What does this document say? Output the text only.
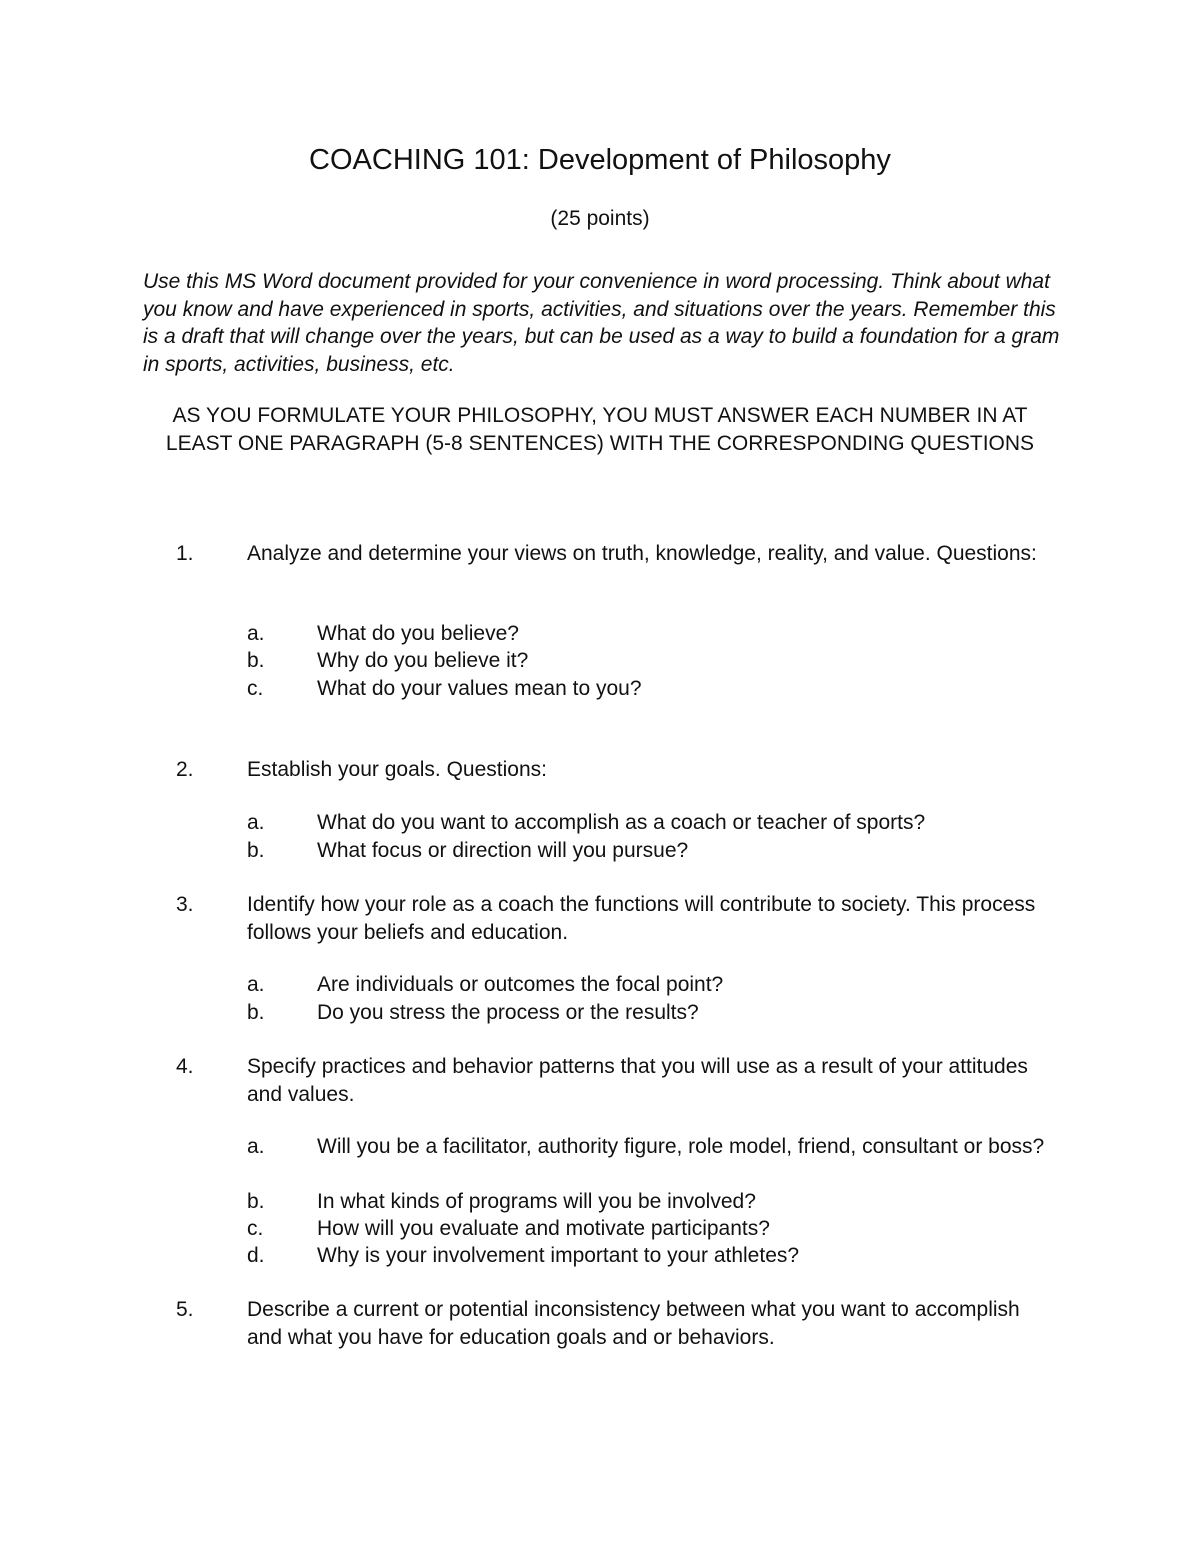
COACHING 101: Development of Philosophy

(25 points)

Use this MS Word document provided for your convenience in word processing. Think about what you know and have experienced in sports, activities, and situations over the years. Remember this is a draft that will change over the years, but can be used as a way to build a foundation for a gram in sports, activities, business, etc.

AS YOU FORMULATE YOUR PHILOSOPHY, YOU MUST ANSWER EACH NUMBER IN AT LEAST ONE PARAGRAPH (5-8 SENTENCES) WITH THE CORRESPONDING QUESTIONS

1.	Analyze and determine your views on truth, knowledge, reality, and value. Questions:

a. What do you believe?

b. Why do you believe it?

c.	What do your values mean to you?

2.	Establish your goals. Questions:

a. What do you want to accomplish as a coach or teacher of sports?

b. What focus or direction will you pursue?

3.	Identify how your role as a coach the functions will contribute to society. This process follows your beliefs and education.

a. Are individuals or outcomes the focal point?

b. Do you stress the process or the results?

4.	Specify practices and behavior patterns that you will use as a result of your attitudes and values.

a. Will you be a facilitator, authority figure, role model, friend, consultant or boss?

b. In what kinds of programs will you be involved?

c.	How will you evaluate and motivate participants?

d. Why is your involvement important to your athletes?

5.	Describe a current or potential inconsistency between what you want to accomplish and what you have for education goals and or behaviors.
